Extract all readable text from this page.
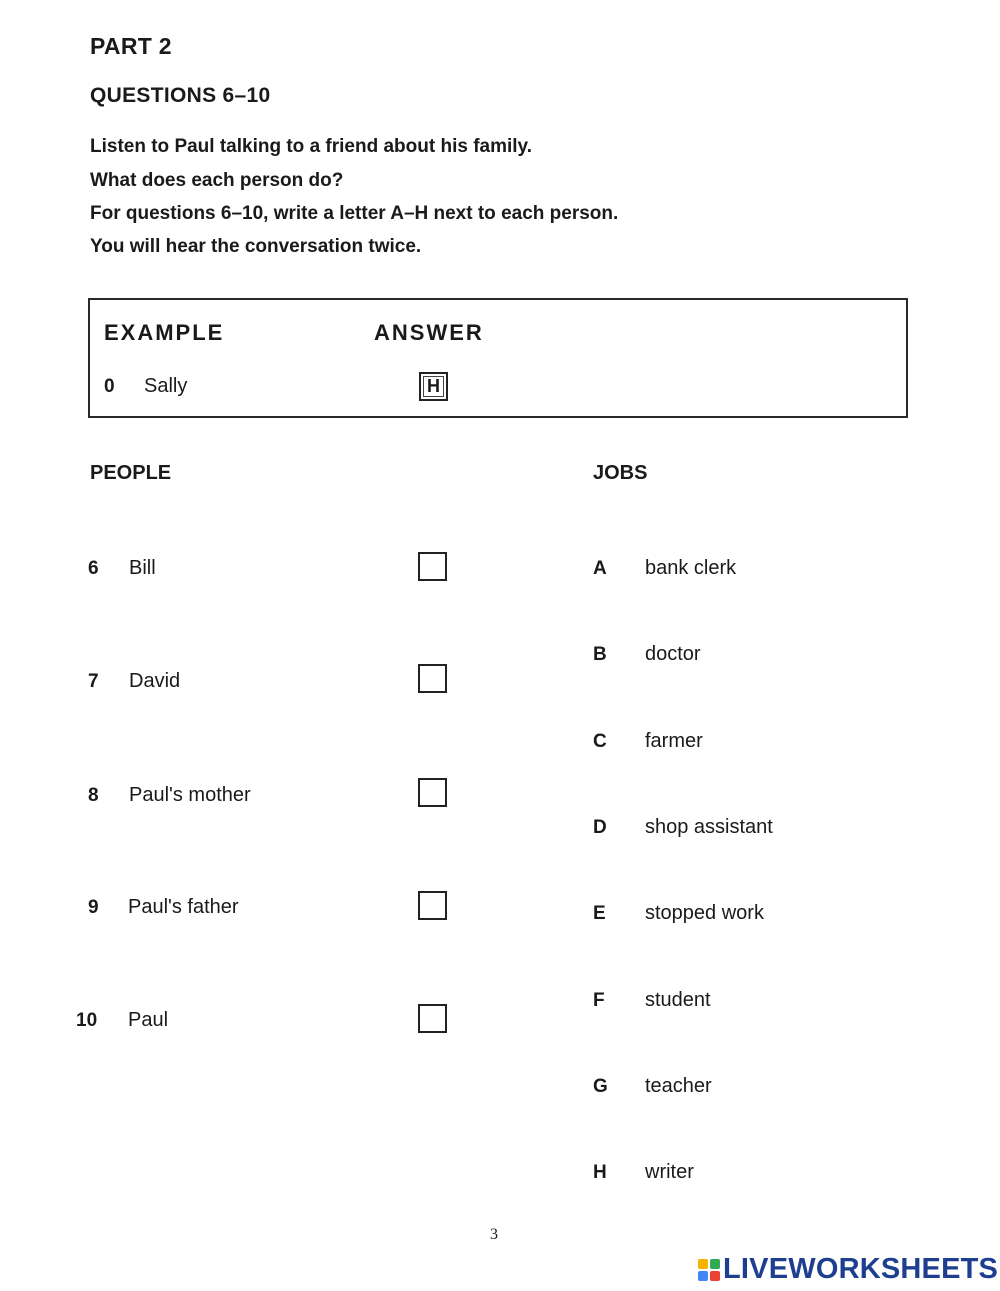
PART 2
QUESTIONS 6–10
Listen to Paul talking to a friend about his family.
What does each person do?
For questions 6–10, write a letter A–H next to each person.
You will hear the conversation twice.
EXAMPLE	ANSWER
0 Sally	H
PEOPLE	JOBS
6 Bill
7 David
8 Paul's mother
9 Paul's father
10 Paul
A bank clerk
B doctor
C farmer
D shop assistant
E stopped work
F student
G teacher
H writer
3
LIVEWORKSHEETS
